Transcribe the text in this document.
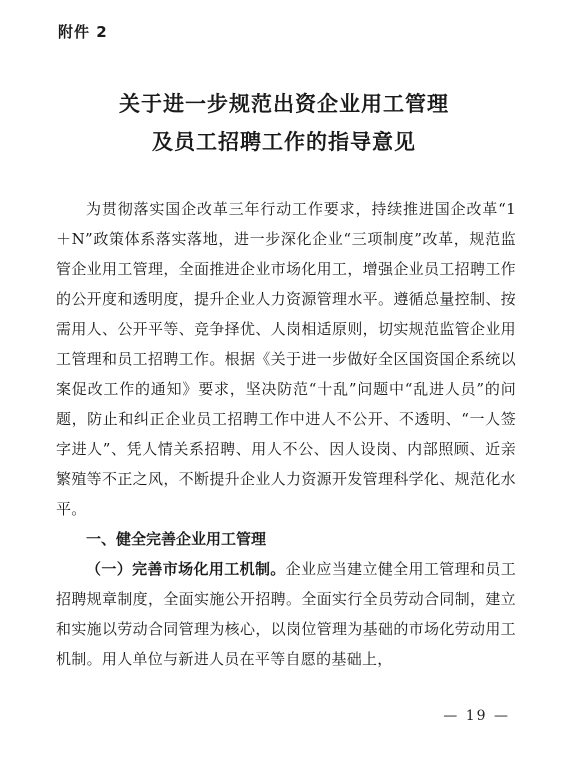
附件 2
关于进一步规范出资企业用工管理
及员工招聘工作的指导意见

为贯彻落实国企改革三年行动工作要求，持续推进国企改革“1＋N”政策体系落实落地，进一步深化企业“三项制度”改革，规范监管企业用工管理，全面推进企业市场化用工，增强企业员工招聘工作的公开度和透明度，提升企业人力资源管理水平。遵循总量控制、按需用人、公开平等、竞争择优、人岗相适原则，切实规范监管企业用工管理和员工招聘工作。根据《关于进一步做好全区国资国企系统以案促改工作的通知》要求，坚决防范“十乱”问题中“乱进人员”的问题，防止和纠正企业员工招聘工作中进人不公开、不透明、“一人签字进人”、凭人情关系招聘、用人不公、因人设岗、内部照顾、近亲繁殖等不正之风，不断提升企业人力资源开发管理科学化、规范化水平。

一、健全完善企业用工管理

（一）完善市场化用工机制。企业应当建立健全用工管理和员工招聘规章制度，全面实施公开招聘。全面实行全员劳动合同制，建立和实施以劳动合同管理为核心，以岗位管理为基础的市场化劳动用工机制。用人单位与新进人员在平等自愿的基础上，

— 19 —
